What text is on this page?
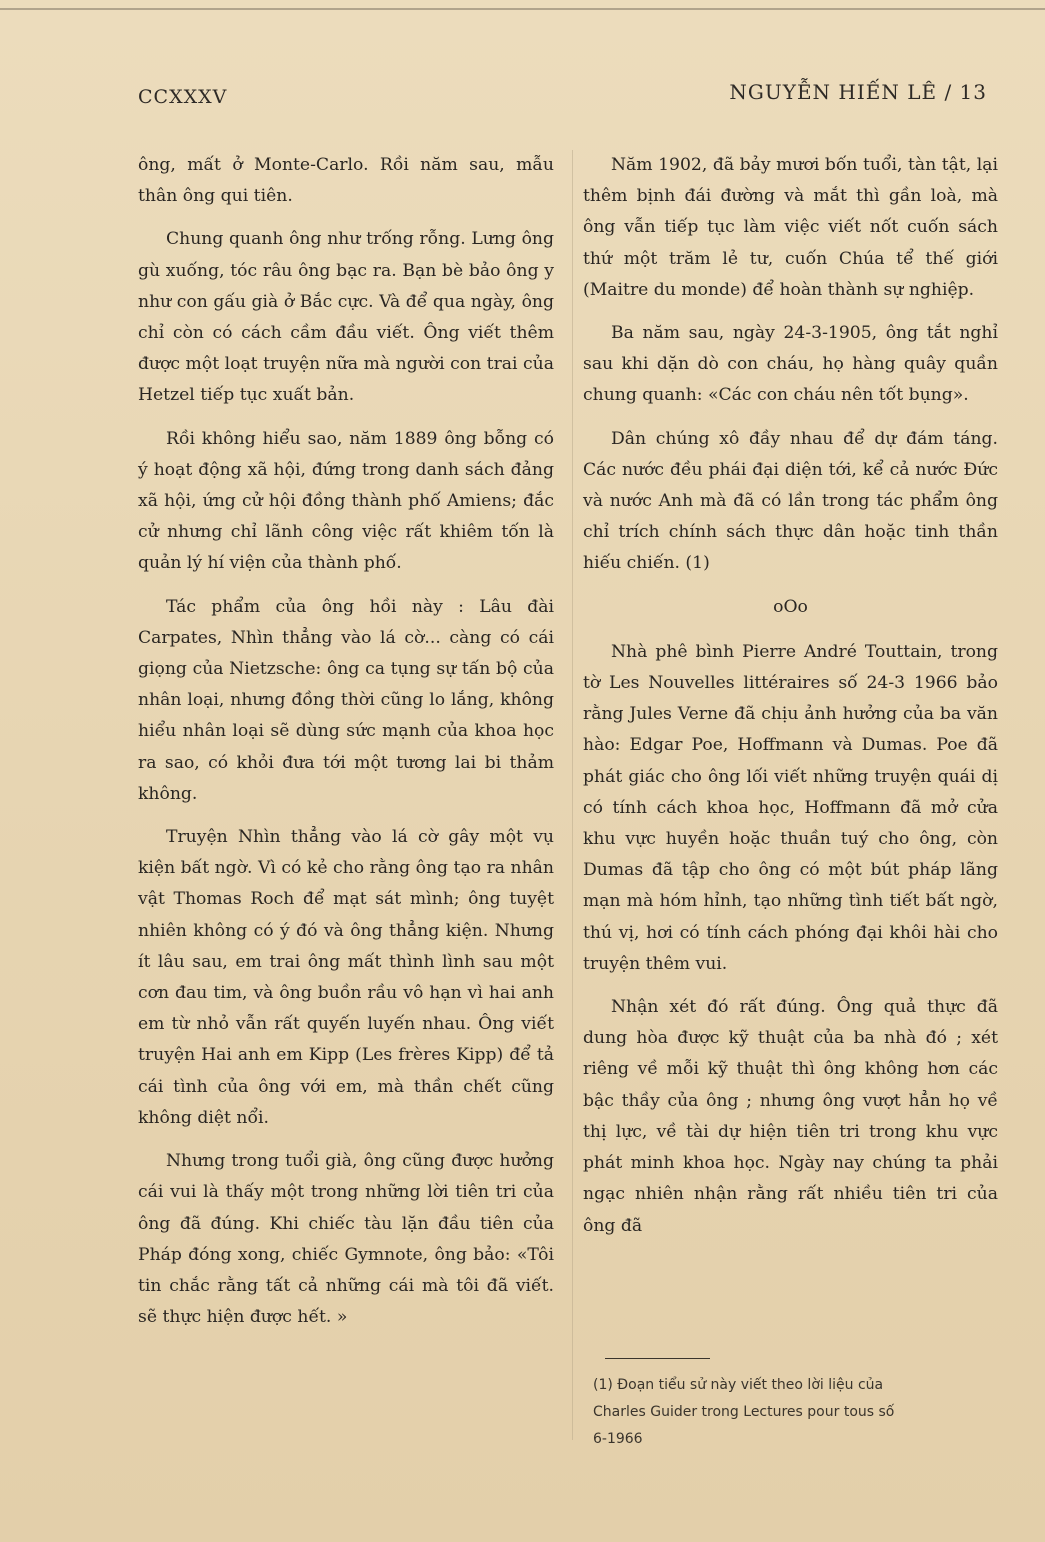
CCXXXV	NGUYỄN HIẾN LÊ / 13

ông, mất ở Monte-Carlo. Rồi năm sau, mẫu thân ông qui tiên.

Chung quanh ông như trống rỗng. Lưng ông gù xuống, tóc râu ông bạc ra. Bạn bè bảo ông y như con gấu già ở Bắc cực. Và để qua ngày, ông chỉ còn có cách cầm đầu viết. Ông viết thêm được một loạt truyện nữa mà người con trai của Hetzel tiếp tục xuất bản.

Rồi không hiểu sao, năm 1889 ông bỗng có ý hoạt động xã hội, đứng trong danh sách đảng xã hội, ứng cử hội đồng thành phố Amiens; đắc cử nhưng chỉ lãnh công việc rất khiêm tốn là quản lý hí viện của thành phố.

Tác phẩm của ông hồi này : Lâu đài Carpates, Nhìn thẳng vào lá cờ... càng có cái giọng của Nietzsche: ông ca tụng sự tấn bộ của nhân loại, nhưng đồng thời cũng lo lắng, không hiểu nhân loại sẽ dùng sức mạnh của khoa học ra sao, có khỏi đưa tới một tương lai bi thảm không.

Truyện Nhìn thẳng vào lá cờ gây một vụ kiện bất ngờ. Vì có kẻ cho rằng ông tạo ra nhân vật Thomas Roch để mạt sát mình; ông tuyệt nhiên không có ý đó và ông thẳng kiện. Nhưng ít lâu sau, em trai ông mất thình lình sau một cơn đau tim, và ông buồn rầu vô hạn vì hai anh em từ nhỏ vẫn rất quyến luyến nhau. Ông viết truyện Hai anh em Kipp (Les frères Kipp) để tả cái tình của ông với em, mà thần chết cũng không diệt nổi.

Nhưng trong tuổi già, ông cũng được hưởng cái vui là thấy một trong những lời tiên tri của ông đã đúng. Khi chiếc tàu lặn đầu tiên của Pháp đóng xong, chiếc Gymnote, ông bảo: «Tôi tin chắc rằng tất cả những cái mà tôi đã viết. sẽ thực hiện được hết. »

Năm 1902, đã bảy mươi bốn tuổi, tàn tật, lại thêm bịnh đái đường và mắt thì gần loà, mà ông vẫn tiếp tục làm việc viết nốt cuốn sách thứ một trăm lẻ tư, cuốn Chúa tể thế giới (Maitre du monde) để hoàn thành sự nghiệp.

Ba năm sau, ngày 24-3-1905, ông tắt nghỉ sau khi dặn dò con cháu, họ hàng quây quần chung quanh: «Các con cháu nên tốt bụng».

Dân chúng xô đầy nhau để dự đám táng. Các nước đều phái đại diện tới, kể cả nước Đức và nước Anh mà đã có lần trong tác phẩm ông chỉ trích chính sách thực dân hoặc tinh thần hiếu chiến. (1)

oOo

Nhà phê bình Pierre André Touttain, trong tờ Les Nouvelles littéraires số 24-3 1966 bảo rằng Jules Verne đã chịu ảnh hưởng của ba văn hào: Edgar Poe, Hoffmann và Dumas. Poe đã phát giác cho ông lối viết những truyện quái dị có tính cách khoa học, Hoffmann đã mở cửa khu vực huyền hoặc thuần tuý cho ông, còn Dumas đã tập cho ông có một bút pháp lãng mạn mà hóm hỉnh, tạo những tình tiết bất ngờ, thú vị, hơi có tính cách phóng đại khôi hài cho truyện thêm vui.

Nhận xét đó rất đúng. Ông quả thực đã dung hòa được kỹ thuật của ba nhà đó ; xét riêng về mỗi kỹ thuật thì ông không hơn các bậc thầy của ông ; nhưng ông vượt hẳn họ về thị lực, về tài dự hiện tiên tri trong khu vực phát minh khoa học. Ngày nay chúng ta phải ngạc nhiên nhận rằng rất nhiều tiên tri của ông đã

(1) Đoạn tiểu sử này viết theo lời liệu của
Charles Guider trong Lectures pour tous số
6-1966
